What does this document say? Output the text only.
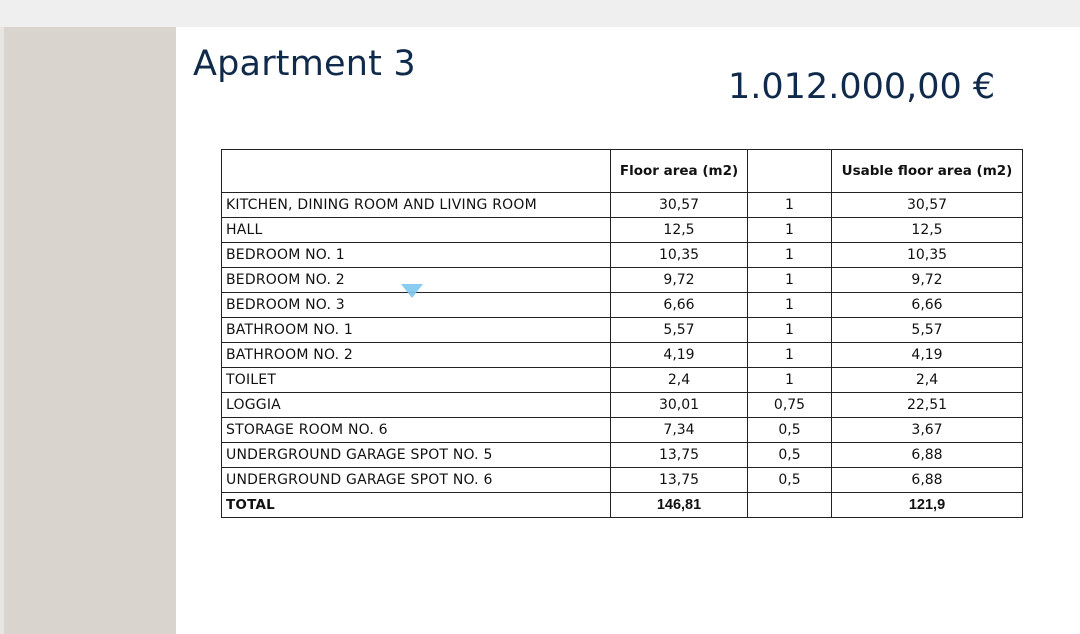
Apartment 3
1.012.000,00 €
	Floor area (m2)		Usable floor area (m2)
KITCHEN, DINING ROOM AND LIVING ROOM	30,57	1	30,57
HALL	12,5	1	12,5
BEDROOM NO. 1	10,35	1	10,35
BEDROOM NO. 2	9,72	1	9,72
BEDROOM NO. 3	6,66	1	6,66
BATHROOM NO. 1	5,57	1	5,57
BATHROOM NO. 2	4,19	1	4,19
TOILET	2,4	1	2,4
LOGGIA	30,01	0,75	22,51
STORAGE ROOM NO. 6	7,34	0,5	3,67
UNDERGROUND GARAGE SPOT NO. 5	13,75	0,5	6,88
UNDERGROUND GARAGE SPOT NO. 6	13,75	0,5	6,88
TOTAL	146,81		121,9
